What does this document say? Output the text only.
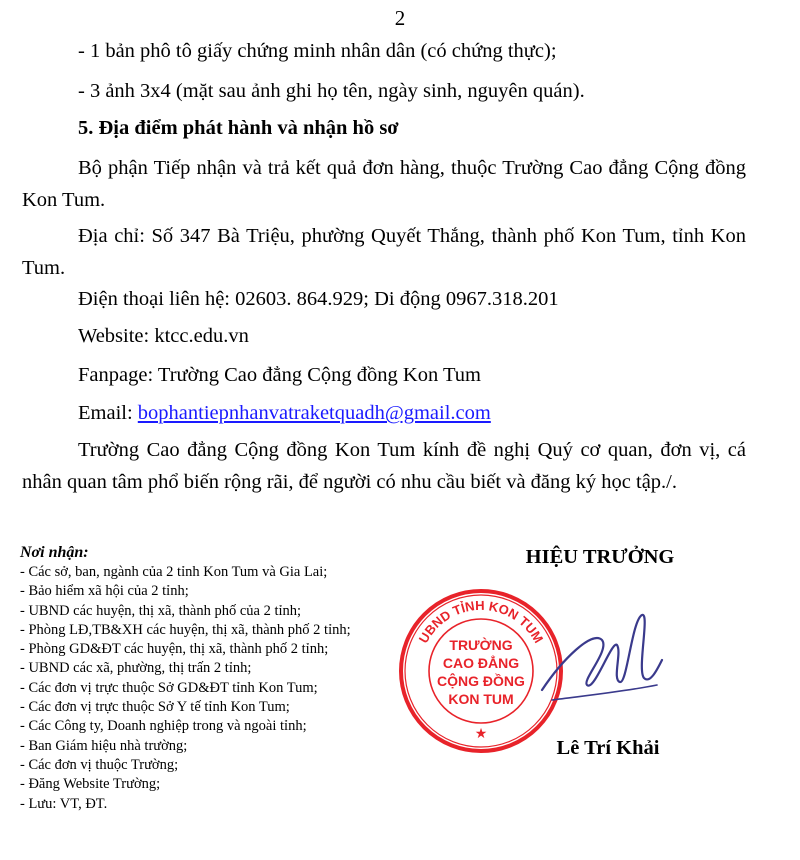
2
- 1 bản phô tô giấy chứng minh nhân dân (có chứng thực);
- 3 ảnh 3x4 (mặt sau ảnh ghi họ tên, ngày sinh, nguyên quán).
5. Địa điểm phát hành và nhận hồ sơ
Bộ phận Tiếp nhận và trả kết quả đơn hàng, thuộc Trường Cao đẳng Cộng đồng Kon Tum.
Địa chỉ: Số 347 Bà Triệu, phường Quyết Thắng, thành phố Kon Tum, tỉnh Kon Tum.
Điện thoại liên hệ: 02603. 864.929; Di động 0967.318.201
Website: ktcc.edu.vn
Fanpage: Trường Cao đẳng Cộng đồng Kon Tum
Email: bophantiepnhanvatraketquadh@gmail.com
Trường Cao đẳng Cộng đồng Kon Tum kính đề nghị Quý cơ quan, đơn vị, cá nhân quan tâm phổ biến rộng rãi, để người có nhu cầu biết và đăng ký học tập./.
Nơi nhận:
- Các sở, ban, ngành của 2 tỉnh Kon Tum và Gia Lai;
- Bảo hiểm xã hội của 2 tỉnh;
- UBND các huyện, thị xã, thành phố của 2 tỉnh;
- Phòng LĐ,TB&XH các huyện, thị xã, thành phố 2 tỉnh;
- Phòng GD&ĐT các huyện, thị xã, thành phố 2 tỉnh;
- UBND các xã, phường, thị trấn 2 tỉnh;
- Các đơn vị trực thuộc Sở GD&ĐT tỉnh Kon Tum;
- Các đơn vị trực thuộc Sở Y tế tỉnh Kon Tum;
- Các Công ty, Doanh nghiệp trong và ngoài tỉnh;
- Ban Giám hiệu nhà trường;
- Các đơn vị thuộc Trường;
- Đăng Website Trường;
- Lưu: VT, ĐT.
HIỆU TRƯỞNG
UBND TỈNH KON TUM
TRƯỜNG
CAO ĐẲNG
CỘNG ĐỒNG
KON TUM
★
Lê Trí Khải
